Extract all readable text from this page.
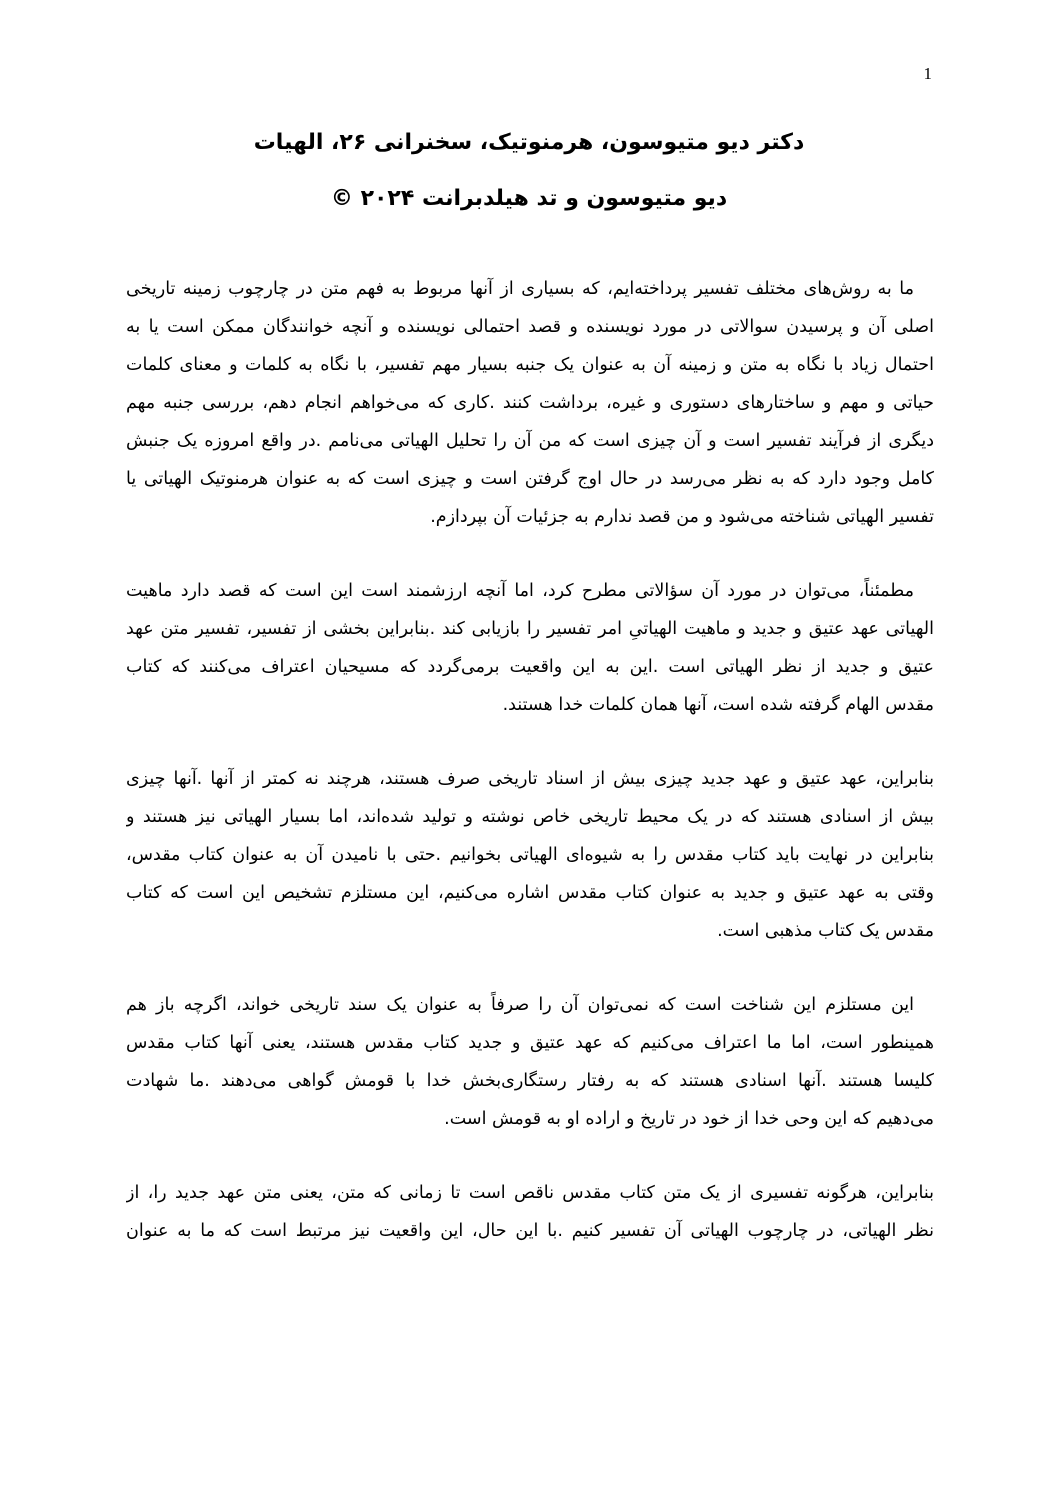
1
دکتر دیو متیوسون، هرمنوتیک، سخنرانی ۲۶، الهیات
دیو متیوسون و تد هیلدبرانت ۲۰۲۴ ©
ما به روش‌های مختلف تفسیر پرداخته‌ایم، که بسیاری از آنها مربوط به فهم متن در چارچوب زمینه تاریخی
اصلی آن و پرسیدن سوالاتی در مورد نویسنده و قصد احتمالی نویسنده و آنچه خوانندگان ممکن است یا به
احتمال زیاد با نگاه به متن و زمینه آن به عنوان یک جنبه بسیار مهم تفسیر، با نگاه به کلمات و معنای کلمات
حیاتی و مهم و ساختارهای دستوری و غیره، برداشت کنند .کاری که می‌خواهم انجام دهم، بررسی جنبه مهم
دیگری از فرآیند تفسیر است و آن چیزی است که من آن را تحلیل الهیاتی می‌نامم .در واقع امروزه یک جنبش
کامل وجود دارد که به نظر می‌رسد در حال اوج گرفتن است و چیزی است که به عنوان هرمنوتیک الهیاتی یا
تفسیر الهیاتی شناخته می‌شود و من قصد ندارم به جزئیات آن بپردازم.
مطمئناً، می‌توان در مورد آن سؤالاتی مطرح کرد، اما آنچه ارزشمند است این است که قصد دارد ماهیت
الهیاتی عهد عتیق و جدید و ماهیت الهیاتیِ امر تفسیر را بازیابی کند .بنابراین بخشی از تفسیر، تفسیر متن عهد
عتیق و جدید از نظر الهیاتی است .این به این واقعیت برمی‌گردد که مسیحیان اعتراف می‌کنند که کتاب
مقدس الهام گرفته شده است، آنها همان کلمات خدا هستند.
بنابراین، عهد عتیق و عهد جدید چیزی بیش از اسناد تاریخی صرف هستند، هرچند نه کمتر از آنها .آنها چیزی
بیش از اسنادی هستند که در یک محیط تاریخی خاص نوشته و تولید شده‌اند، اما بسیار الهیاتی نیز هستند و
بنابراین در نهایت باید کتاب مقدس را به شیوه‌ای الهیاتی بخوانیم .حتی با نامیدن آن به عنوان کتاب مقدس،
وقتی به عهد عتیق و جدید به عنوان کتاب مقدس اشاره می‌کنیم، این مستلزم تشخیص این است که کتاب
مقدس یک کتاب مذهبی است.
این مستلزم این شناخت است که نمی‌توان آن را صرفاً به عنوان یک سند تاریخی خواند، اگرچه باز هم
همینطور است، اما ما اعتراف می‌کنیم که عهد عتیق و جدید کتاب مقدس هستند، یعنی آنها کتاب مقدس
کلیسا هستند .آنها اسنادی هستند که به رفتار رستگاری‌بخش خدا با قومش گواهی می‌دهند .ما شهادت
می‌دهیم که این وحی خدا از خود در تاریخ و اراده او به قومش است.
بنابراین، هرگونه تفسیری از یک متن کتاب مقدس ناقص است تا زمانی که متن، یعنی متن عهد جدید را، از
نظر الهیاتی، در چارچوب الهیاتی آن تفسیر کنیم .با این حال، این واقعیت نیز مرتبط است که ما به عنوان
